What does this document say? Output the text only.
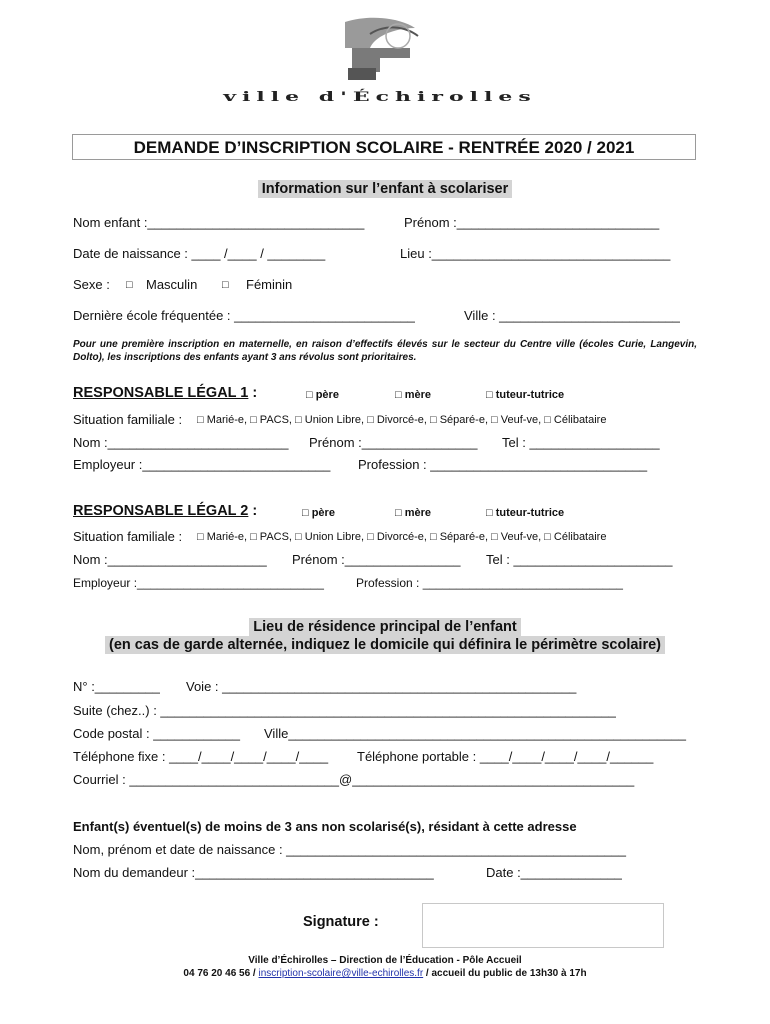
ville d'Échirolles
DEMANDE D’INSCRIPTION SCOLAIRE - RENTRÉE 2020 / 2021
Information sur l’enfant à scolariser
Nom enfant :______________________________	Prénom :____________________________
Date de naissance : ____ /____ / ________	Lieu :_________________________________
Sexe : □ Masculin □ Féminin
Dernière école fréquentée : _________________________	Ville : _________________________
Pour une première inscription en maternelle, en raison d’effectifs élevés sur le secteur du Centre ville (écoles Curie, Langevin, Dolto), les inscriptions des enfants ayant 3 ans révolus sont prioritaires.
RESPONSABLE LÉGAL 1 :	□ père	□ mère	□ tuteur-tutrice
Situation familiale : □ Marié-e, □ PACS, □ Union Libre, □ Divorcé-e, □ Séparé-e, □ Veuf-ve, □ Célibataire
Nom :_________________________ Prénom :________________ Tel : __________________
Employeur :__________________________ Profession : ______________________________
RESPONSABLE LÉGAL 2 :	□ père	□ mère	□ tuteur-tutrice
Situation familiale : □ Marié-e, □ PACS, □ Union Libre, □ Divorcé-e, □ Séparé-e, □ Veuf-ve, □ Célibataire
Nom :______________________ Prénom :________________ Tel : ______________________
Employeur :____________________________	Profession : ______________________________
Lieu de résidence principal de l’enfant
(en cas de garde alternée, indiquez le domicile qui définira le périmètre scolaire)
N° :_________ Voie : _________________________________________________
Suite (chez..) : _______________________________________________________________
Code postal : ____________ Ville_______________________________________________________
Téléphone fixe : ____/____/____/____/____ Téléphone portable : ____/____/____/____/______
Courriel : _____________________________@_______________________________________
Enfant(s) éventuel(s) de moins de 3 ans non scolarisé(s), résidant à cette adresse
Nom, prénom et date de naissance : _______________________________________________
Nom du demandeur :_________________________________	Date :______________
Signature :
Ville d’Échirolles – Direction de l’Éducation - Pôle Accueil
04 76 20 46 56 / inscription-scolaire@ville-echirolles.fr / accueil du public de 13h30 à 17h
